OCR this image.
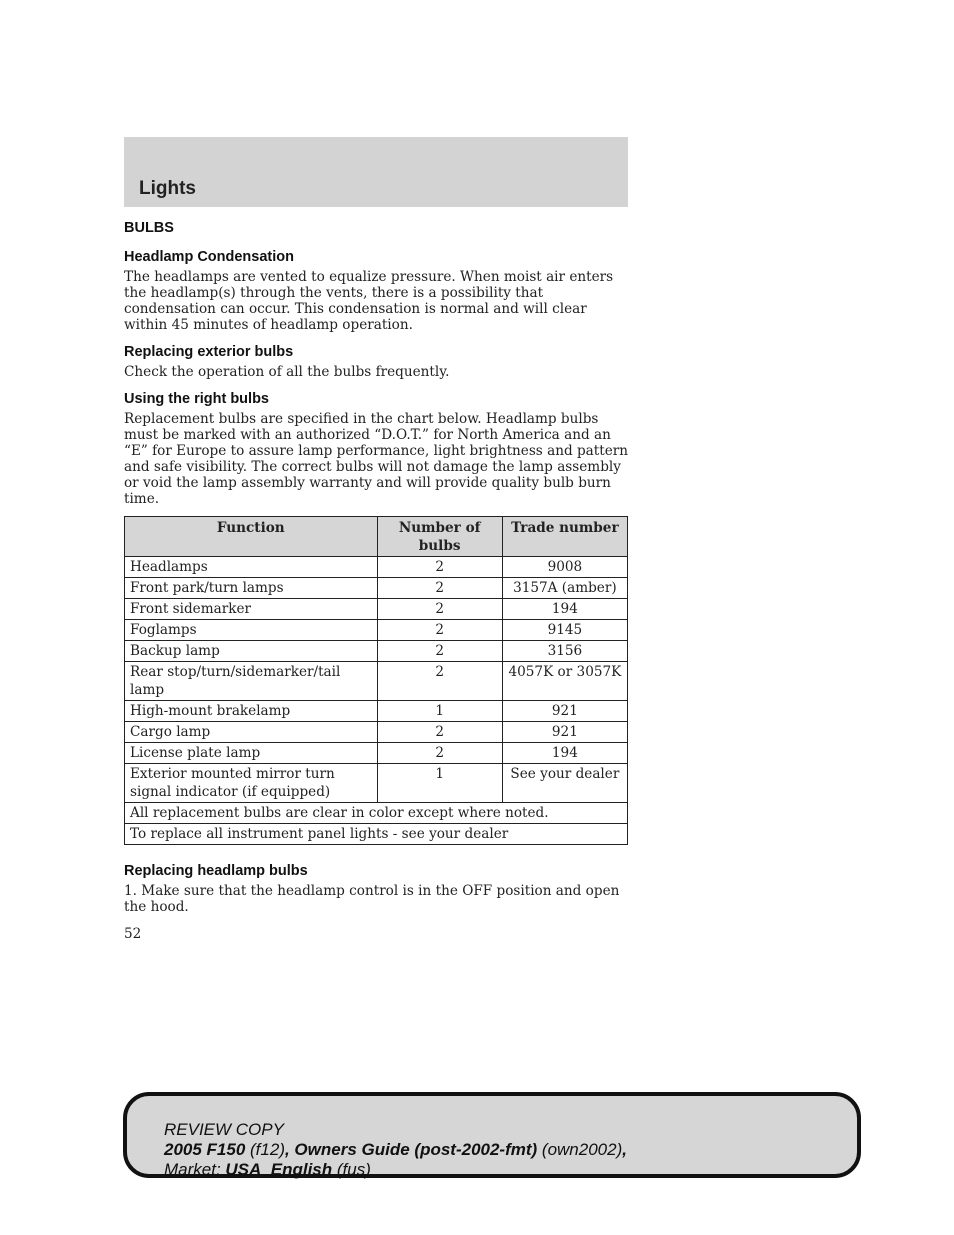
Lights
BULBS
Headlamp Condensation
The headlamps are vented to equalize pressure. When moist air enters the headlamp(s) through the vents, there is a possibility that condensation can occur. This condensation is normal and will clear within 45 minutes of headlamp operation.
Replacing exterior bulbs
Check the operation of all the bulbs frequently.
Using the right bulbs
Replacement bulbs are specified in the chart below. Headlamp bulbs must be marked with an authorized “D.O.T.” for North America and an “E” for Europe to assure lamp performance, light brightness and pattern and safe visibility. The correct bulbs will not damage the lamp assembly or void the lamp assembly warranty and will provide quality bulb burn time.
Function	Number of bulbs	Trade number
Headlamps	2	9008
Front park/turn lamps	2	3157A (amber)
Front sidemarker	2	194
Foglamps	2	9145
Backup lamp	2	3156
Rear stop/turn/sidemarker/tail lamp	2	4057K or 3057K
High-mount brakelamp	1	921
Cargo lamp	2	921
License plate lamp	2	194
Exterior mounted mirror turn signal indicator (if equipped)	1	See your dealer
All replacement bulbs are clear in color except where noted.		
To replace all instrument panel lights - see your dealer		
Replacing headlamp bulbs
1. Make sure that the headlamp control is in the OFF position and open the hood.
52
REVIEW COPY
2005 F150 (f12), Owners Guide (post-2002-fmt) (own2002),
Market: USA_English (fus)
